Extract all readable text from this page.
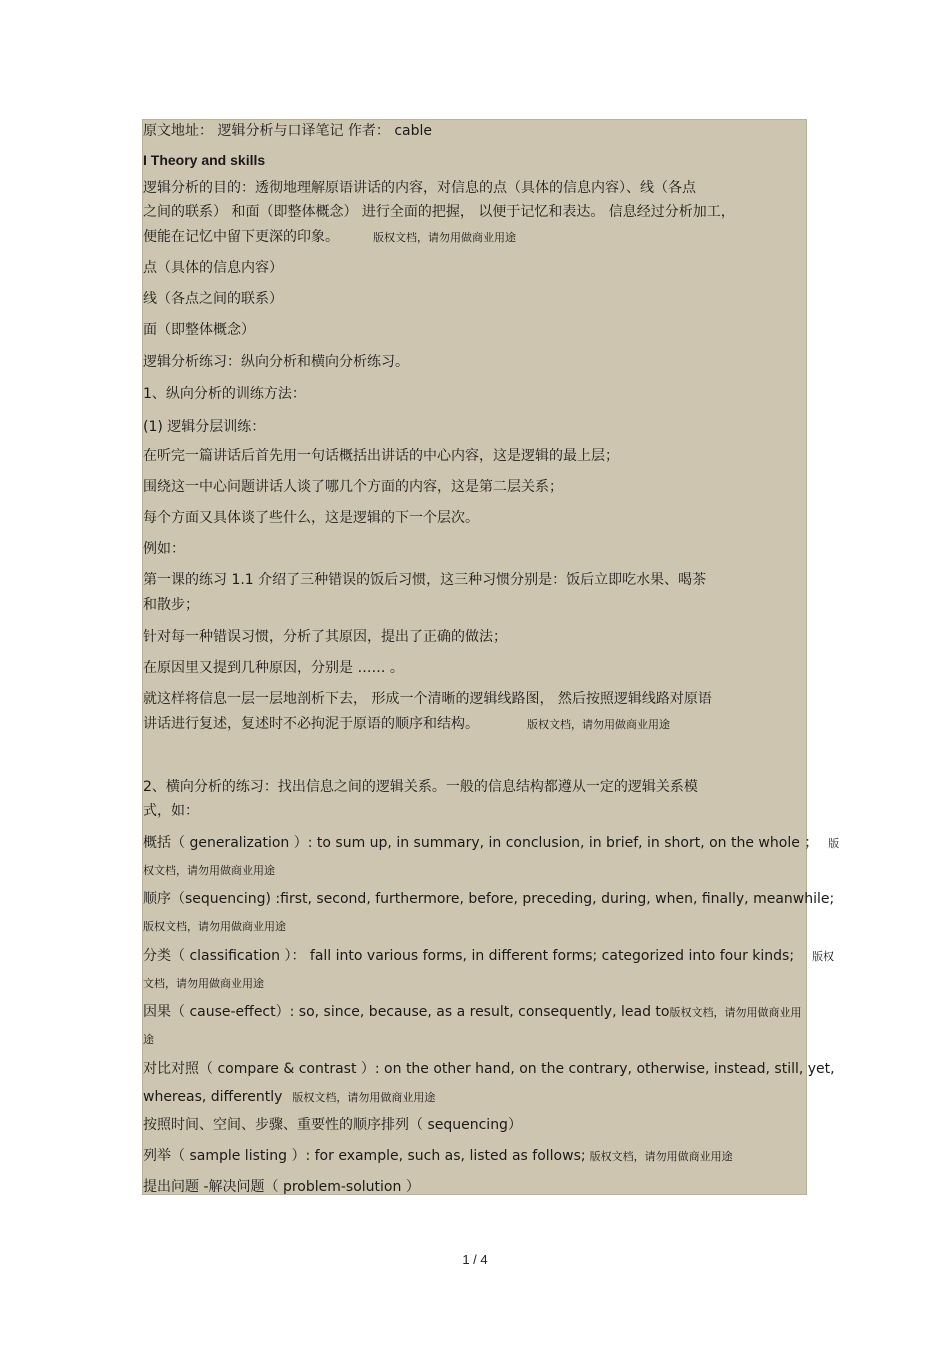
原文地址： 逻辑分析与口译笔记 作者： cable
I Theory and skills
逻辑分析的目的：透彻地理解原语讲话的内容，对信息的点（具体的信息内容）、线（各点
之间的联系） 和面（即整体概念） 进行全面的把握， 以便于记忆和表达。 信息经过分析加工，
便能在记忆中留下更深的印象。	版权文档，请勿用做商业用途
点（具体的信息内容）
线（各点之间的联系）
面（即整体概念）
逻辑分析练习：纵向分析和横向分析练习。
1、纵向分析的训练方法：
(1) 逻辑分层训练：
在听完一篇讲话后首先用一句话概括出讲话的中心内容，这是逻辑的最上层；
围绕这一中心问题讲话人谈了哪几个方面的内容，这是第二层关系；
每个方面又具体谈了些什么，这是逻辑的下一个层次。
例如：
第一课的练习 1.1 介绍了三种错误的饭后习惯，这三种习惯分别是：饭后立即吃水果、喝茶
和散步；
针对每一种错误习惯，分析了其原因，提出了正确的做法；
在原因里又提到几种原因，分别是 …… 。
就这样将信息一层一层地剖析下去， 形成一个清晰的逻辑线路图， 然后按照逻辑线路对原语
讲话进行复述，复述时不必拘泥于原语的顺序和结构。	版权文档，请勿用做商业用途
2、横向分析的练习：找出信息之间的逻辑关系。一般的信息结构都遵从一定的逻辑关系模
式，如：
概括（ generalization ）: to sum up, in summary, in conclusion, in brief, in short, on the whole ； 版
权文档，请勿用做商业用途
顺序（sequencing) :first, second, furthermore, before, preceding, during, when, finally, meanwhile;
版权文档，请勿用做商业用途
分类（ classification ）： fall into various forms, in different forms; categorized into four kinds; 版权
文档，请勿用做商业用途
因果（ cause-effect）: so, since, because, as a result, consequently, lead to版权文档，请勿用做商业用
途
对比对照（ compare & contrast ）: on the other hand, on the contrary, otherwise, instead, still, yet,
whereas, differently 版权文档，请勿用做商业用途
按照时间、空间、步骤、重要性的顺序排列（ sequencing）
列举（ sample listing ）: for example, such as, listed as follows; 版权文档，请勿用做商业用途
提出问题 -解决问题（ problem-solution ）
1 / 4
